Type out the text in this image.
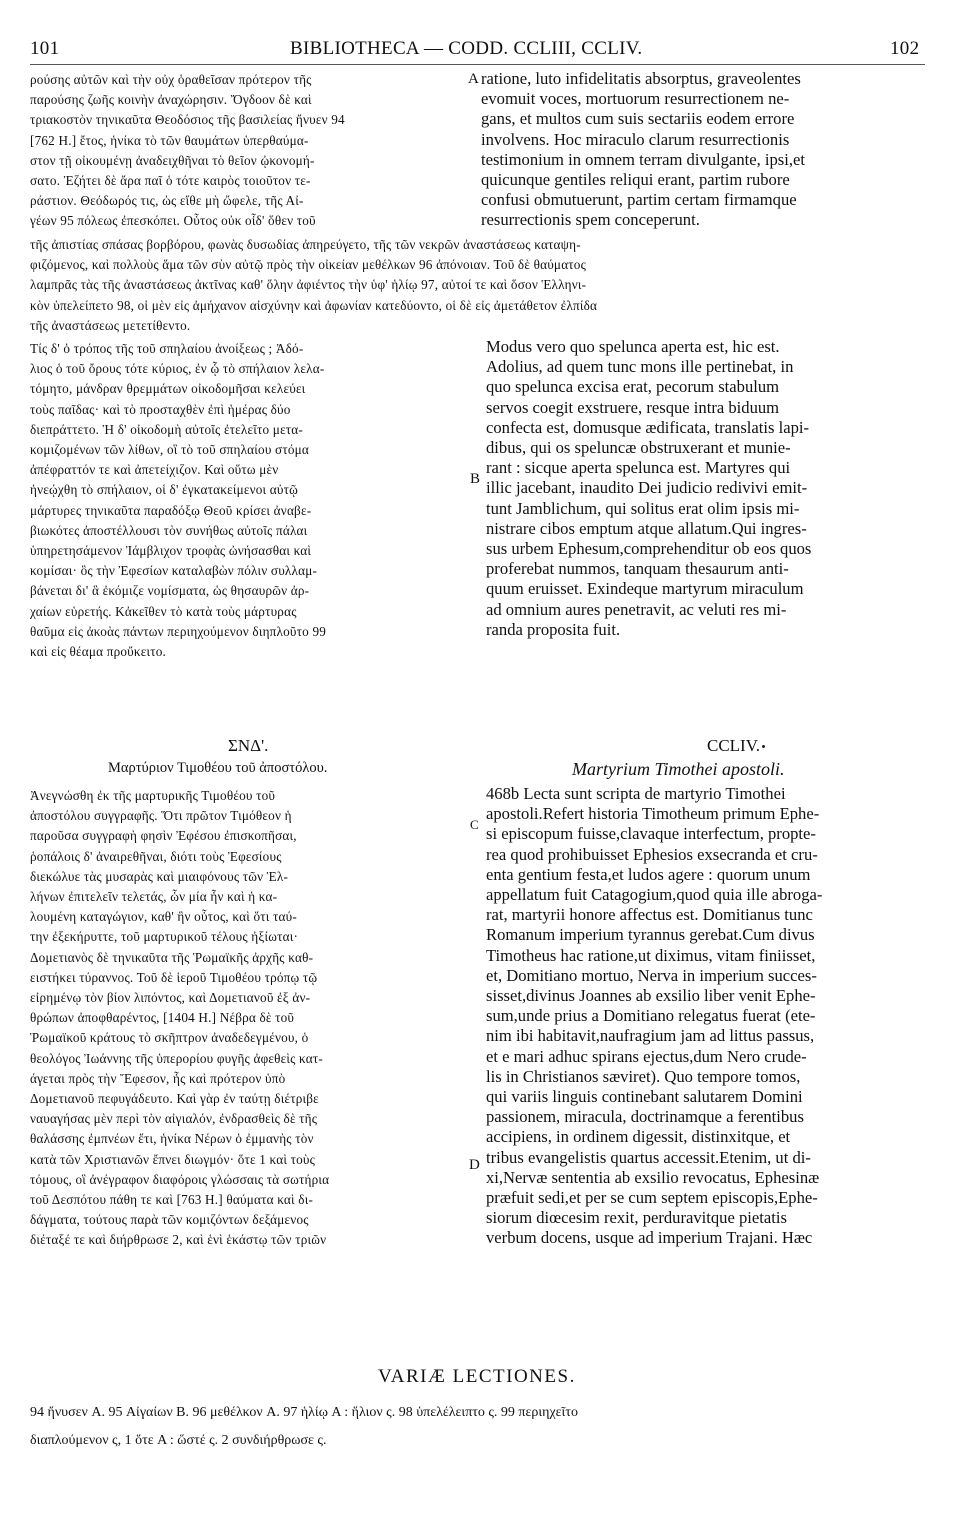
101	BIBLIOTHECA — CODD. CCLIII, CCLIV.	102
A
B
C
D
ρούσης αὐτῶν καὶ τὴν οὐχ ὁραθεῖσαν πρότερον τῆς
παρούσης ζωῆς κοινὴν ἀναχώρησιν. Ὄγδοον δὲ καὶ
τριακοστὸν τηνικαῦτα Θεοδόσιος τῆς βασιλείας ἤνυεν 94
[762 H.] ἔτος, ἡνίκα τὸ τῶν θαυμάτων ὑπερθαύμα-
στον τῇ οἰκουμένῃ ἀναδειχθῆναι τὸ θεῖον ᾠκονομή-
σατο. Ἐζήτει δὲ ἄρα παῖ ὁ τότε καιρὸς τοιοῦτον τε-
ράστιον. Θεόδωρός τις, ὡς εἴθε μὴ ὤφελε, τῆς Αἰ-
γέων 95 πόλεως ἐπεσκόπει. Οὗτος οὐκ οἶδ' ὅθεν τοῦ
ratione, luto infidelitatis absorptus, graveolentes
evomuit voces, mortuorum resurrectionem ne-
gans, et multos cum suis sectariis eodem errore
involvens. Hoc miraculo clarum resurrectionis
testimonium in omnem terram divulgante, ipsi,et
quicunque gentiles reliqui erant, partim rubore
confusi obmutuerunt, partim certam firmamque
resurrectionis spem conceperunt.
τῆς ἀπιστίας σπάσας βορβόρου, φωνὰς δυσωδίας ἀπηρεύγετο, τῆς τῶν νεκρῶν ἀναστάσεως καταψη-
φιζόμενος, καὶ πολλοὺς ἅμα τῶν σὺν αὐτῷ πρὸς τὴν οἰκείαν μεθέλκων 96 ἀπόνοιαν. Τοῦ δὲ θαύματος
λαμπρᾶς τὰς τῆς ἀναστάσεως ἀκτῖνας καθ' ὅλην ἀφιέντος τὴν ὑφ' ἡλίῳ 97, αὐτοί τε καὶ ὅσον Ἑλληνι-
κὸν ὑπελείπετο 98, οἱ μὲν εἰς ἀμήχανον αἰσχύνην καὶ ἀφωνίαν κατεδύοντο, οἱ δὲ εἰς ἀμετάθετον ἐλπίδα
τῆς ἀναστάσεως μετετίθεντο.
Τίς δ' ὁ τρόπος τῆς τοῦ σπηλαίου ἀνοίξεως ; Ἀδό-
λιος ὁ τοῦ ὄρους τότε κύριος, ἐν ᾧ τὸ σπήλαιον λελα-
τόμητο, μάνδραν θρεμμάτων οἰκοδομῆσαι κελεύει
τοὺς παῖδας· καὶ τὸ προσταχθὲν ἐπὶ ἡμέρας δύο
διεπράττετο. Ἡ δ' οἰκοδομὴ αὐτοῖς ἐτελεῖτο μετα-
κομιζομένων τῶν λίθων, οἳ τὸ τοῦ σπηλαίου στόμα
ἀπέφραττόν τε καὶ ἀπετείχιζον. Καὶ οὕτω μὲν
ἠνεῴχθη τὸ σπήλαιον, οἱ δ' ἐγκατακείμενοι αὐτῷ
μάρτυρες τηνικαῦτα παραδόξῳ Θεοῦ κρίσει ἀναβε-
βιωκότες ἀποστέλλουσι τὸν συνήθως αὐτοῖς πάλαι
ὑπηρετησάμενον Ἰάμβλιχον τροφὰς ὠνήσασθαι καὶ
κομίσαι· ὃς τὴν Ἐφεσίων καταλαβὼν πόλιν συλλαμ-
βάνεται δι' ἃ ἐκόμιζε νομίσματα, ὡς θησαυρῶν ἀρ-
χαίων εὑρετής. Κἀκεῖθεν τὸ κατὰ τοὺς μάρτυρας
θαῦμα εἰς ἀκοὰς πάντων περιηχούμενον διηπλοῦτο 99
καὶ εἰς θέαμα προὔκειτο.
Modus vero quo spelunca aperta est, hic est.
Adolius, ad quem tunc mons ille pertinebat, in
quo spelunca excisa erat, pecorum stabulum
servos coegit exstruere, resque intra biduum
confecta est, domusque ædificata, translatis lapi-
dibus, qui os speluncæ obstruxerant et munie-
rant : sicque aperta spelunca est. Martyres qui
illic jacebant, inaudito Dei judicio redivivi emit-
tunt Jamblichum, qui solitus erat olim ipsis mi-
nistrare cibos emptum atque allatum.Qui ingres-
sus urbem Ephesum,comprehenditur ob eos quos
proferebat nummos, tanquam thesaurum anti-
quum eruisset. Exindeque martyrum miraculum
ad omnium aures penetravit, ac veluti res mi-
randa proposita fuit.
ΣΝΔ'.
Μαρτύριον Τιμοθέου τοῦ ἀποστόλου.
CCLIV.
Martyrium Timothei apostoli.
Ἀνεγνώσθη ἐκ τῆς μαρτυρικῆς Τιμοθέου τοῦ
ἀποστόλου συγγραφῆς. Ὅτι πρῶτον Τιμόθεον ἡ
παροῦσα συγγραφὴ φησὶν Ἐφέσου ἐπισκοπῆσαι,
ῥοπάλοις δ' ἀναιρεθῆναι, διότι τοὺς Ἐφεσίους
διεκώλυε τὰς μυσαρὰς καὶ μιαιφόνους τῶν Ἑλ-
λήνων ἐπιτελεῖν τελετάς, ὧν μία ἦν καὶ ἡ κα-
λουμένη καταγώγιον, καθ' ἣν οὗτος, καὶ ὅτι ταύ-
την ἐξεκήρυττε, τοῦ μαρτυρικοῦ τέλους ἠξίωται·
Δομετιανὸς δὲ τηνικαῦτα τῆς Ῥωμαϊκῆς ἀρχῆς καθ-
ειστήκει τύραννος. Τοῦ δὲ ἱεροῦ Τιμοθέου τρόπῳ τῷ
εἰρημένῳ τὸν βίον λιπόντος, καὶ Δομετιανοῦ ἐξ ἀν-
θρώπων ἀποφθαρέντος, [1404 H.] Νέβρα δὲ τοῦ
Ῥωμαϊκοῦ κράτους τὸ σκῆπτρον ἀναδεδεγμένου, ὁ
θεολόγος Ἰωάννης τῆς ὑπερορίου φυγῆς ἀφεθεὶς κατ-
άγεται πρὸς τὴν Ἔφεσον, ἧς καὶ πρότερον ὑπὸ
Δομετιανοῦ πεφυγάδευτο. Καὶ γὰρ ἐν ταύτῃ διέτριβε
ναυαγήσας μὲν περὶ τὸν αἰγιαλόν, ἐνδρασθεὶς δὲ τῆς
θαλάσσης ἐμπνέων ἔτι, ἡνίκα Νέρων ὁ ἐμμανὴς τὸν
κατὰ τῶν Χριστιανῶν ἔπνει διωγμόν· ὅτε 1 καὶ τοὺς
τόμους, οἳ ἀνέγραφον διαφόροις γλώσσαις τὰ σωτήρια
τοῦ Δεσπότου πάθη τε καὶ [763 H.] θαύματα καὶ δι-
δάγματα, τούτους παρὰ τῶν κομιζόντων δεξάμενος
διέταξέ τε καὶ διήρθρωσε 2, καὶ ἑνὶ ἑκάστῳ τῶν τριῶν
468b Lecta sunt scripta de martyrio Timothei
apostoli.Refert historia Timotheum primum Ephe-
si episcopum fuisse,clavaque interfectum, propte-
rea quod prohibuisset Ephesios exsecranda et cru-
enta gentium festa,et ludos agere : quorum unum
appellatum fuit Catagogium,quod quia ille abroga-
rat, martyrii honore affectus est. Domitianus tunc
Romanum imperium tyrannus gerebat.Cum divus
Timotheus hac ratione,ut diximus, vitam finiisset,
et, Domitiano mortuo, Nerva in imperium succes-
sisset,divinus Joannes ab exsilio liber venit Ephe-
sum,unde prius a Domitiano relegatus fuerat (ete-
nim ibi habitavit,naufragium jam ad littus passus,
et e mari adhuc spirans ejectus,dum Nero crude-
lis in Christianos sæviret). Quo tempore tomos,
qui variis linguis continebant salutarem Domini
passionem, miracula, doctrinamque a ferentibus
accipiens, in ordinem digessit, distinxitque, et
tribus evangelistis quartus accessit.Etenim, ut di-
xi,Nervæ sententia ab exsilio revocatus, Ephesinæ
præfuit sedi,et per se cum septem episcopis,Ephe-
siorum diœcesim rexit, perduravitque pietatis
verbum docens, usque ad imperium Trajani. Hæc
VARIÆ LECTIONES.
94 ἤνυσεν A. 95 Αἰγαίων B. 96 μεθέλκον A. 97 ἡλίῳ A : ἥλιον ς. 98 ὑπελέλειπτο ς. 99 περιηχεῖτο
διαπλούμενον ς, 1 ὅτε A : ὥστέ ς. 2 συνδιήρθρωσε ς.
